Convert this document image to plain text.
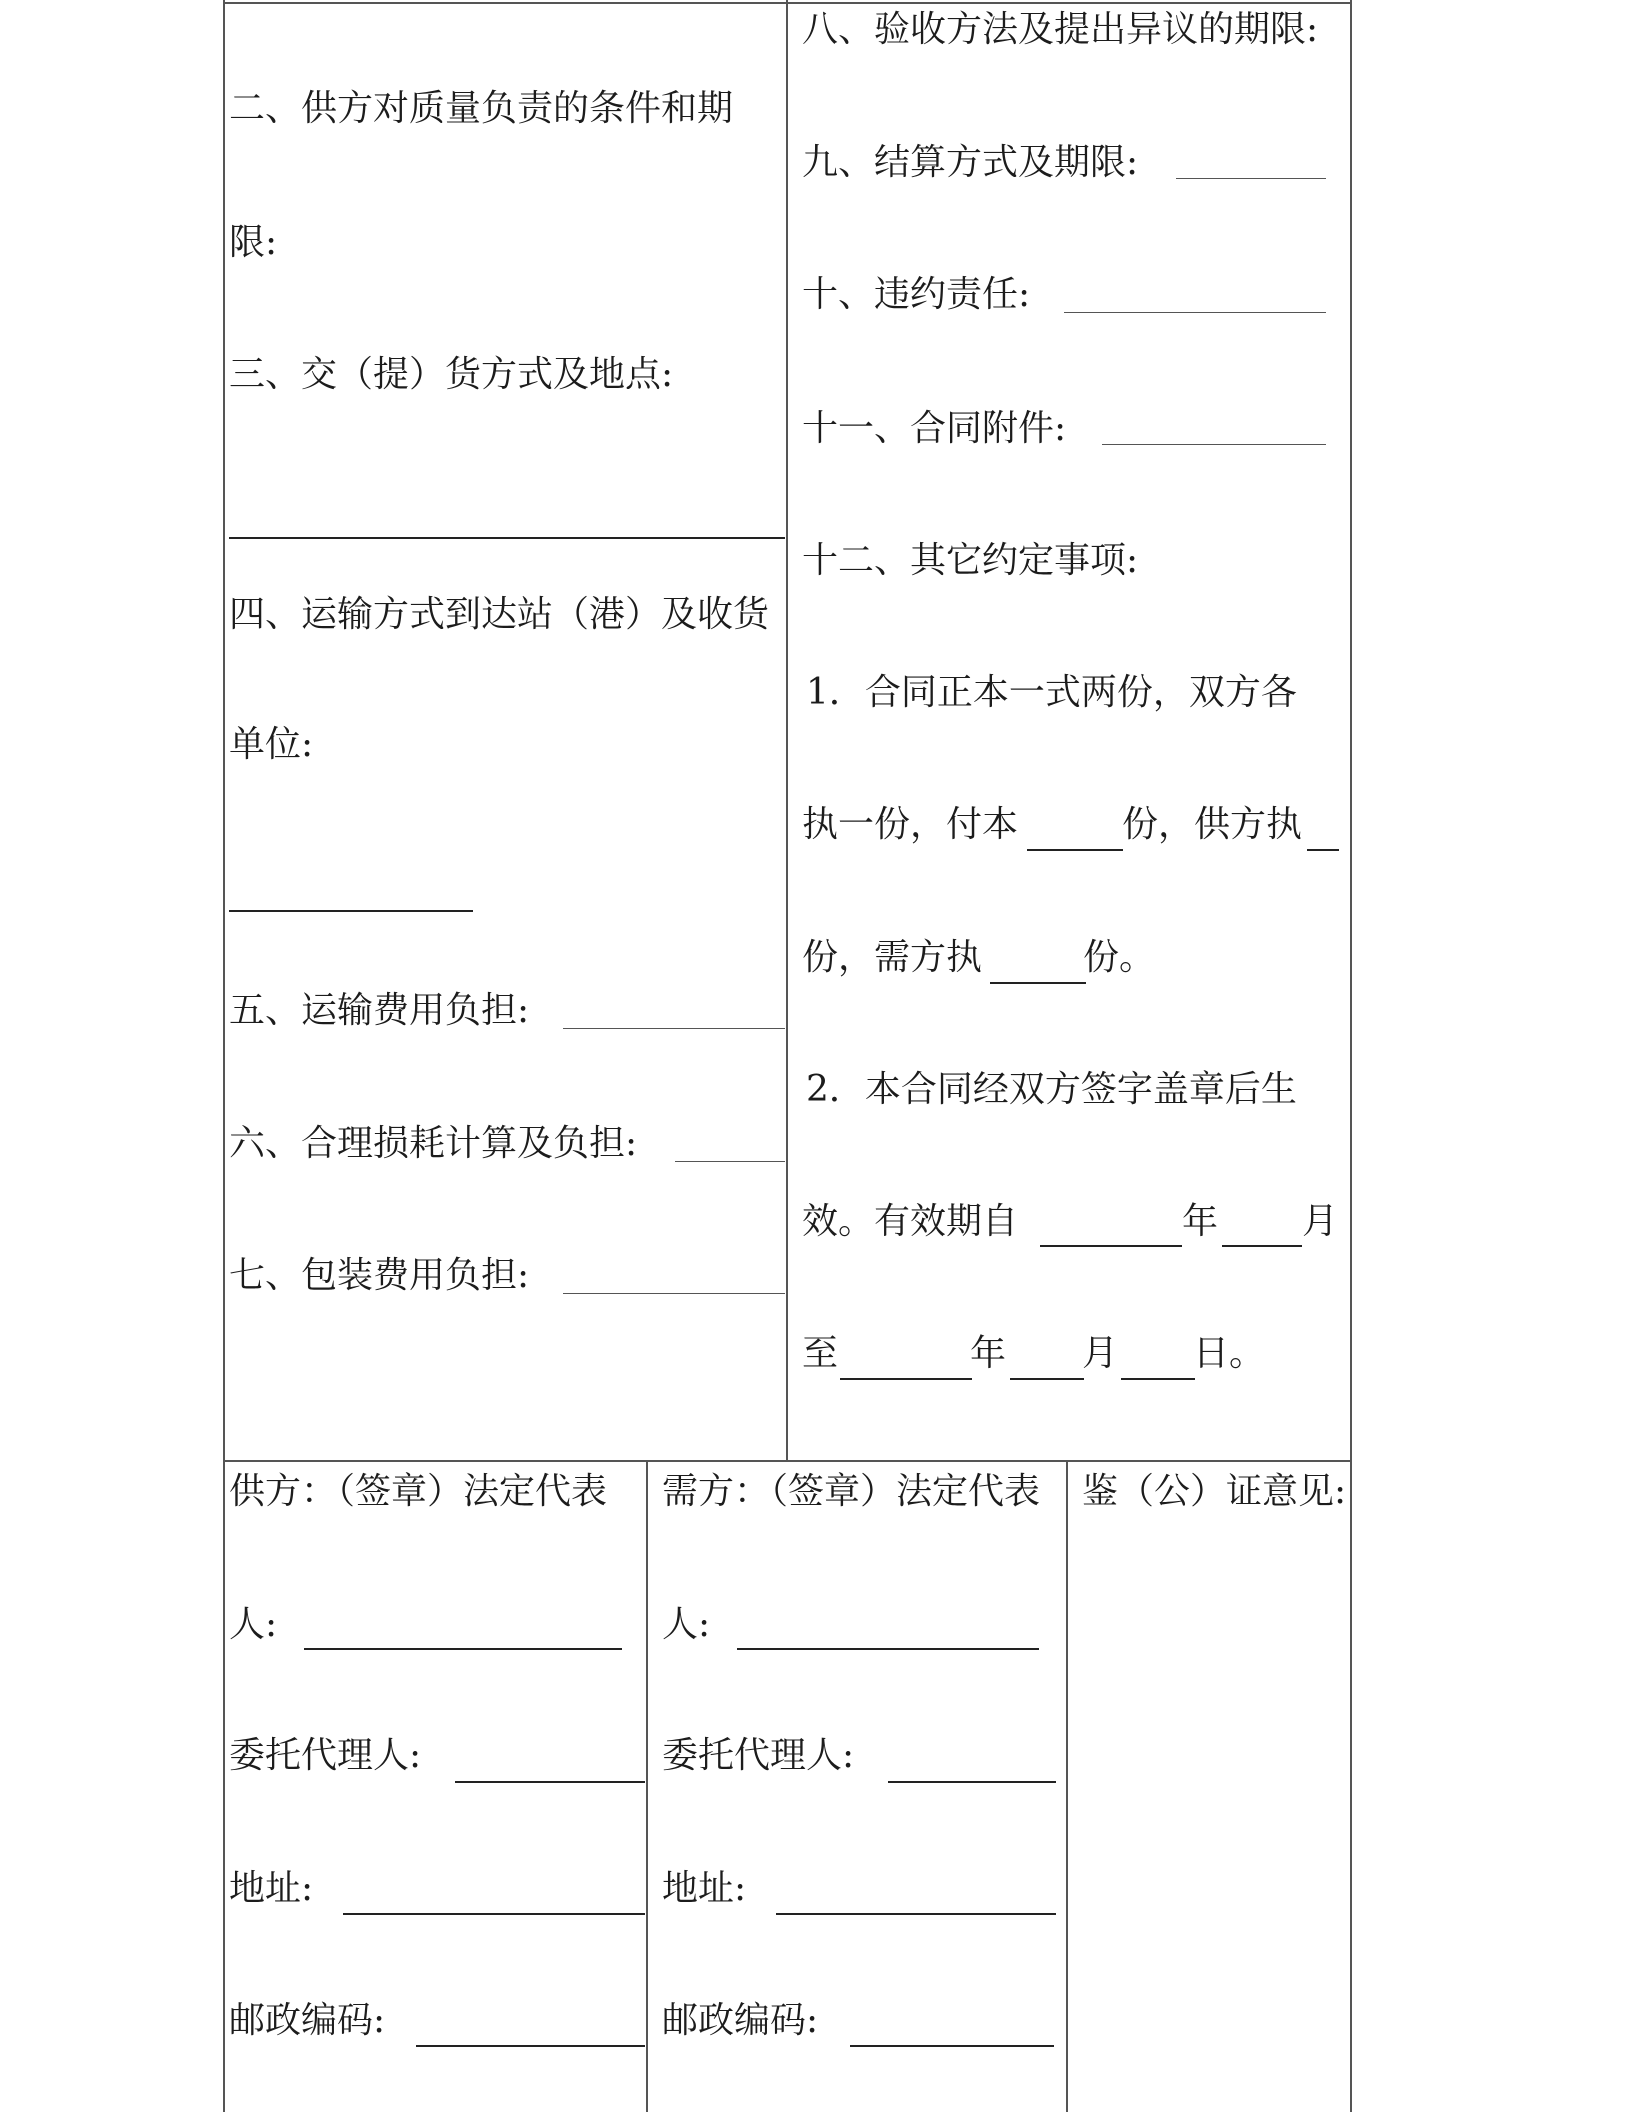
二、供方对质量负责的条件和期
限:
三、交（提）货方式及地点:
四、运输方式到达站（港）及收货
单位:
五、运输费用负担:
六、合理损耗计算及负担:
七、包装费用负担:
八、验收方法及提出异议的期限:
九、结算方式及期限:
十、违约责任:
十一、合同附件:
十二、其它约定事项:
1．合同正本一式两份，双方各
执一份，付本	份，供方执
份，需方执	份。
2．本合同经双方签字盖章后生
效。有效期自	年 月
至	年 月 日。
供方：（签章）法定代表
人:
委托代理人:
地址:
邮政编码:
需方：（签章）法定代表
人:
委托代理人:
地址:
邮政编码:
鉴（公）证意见:
